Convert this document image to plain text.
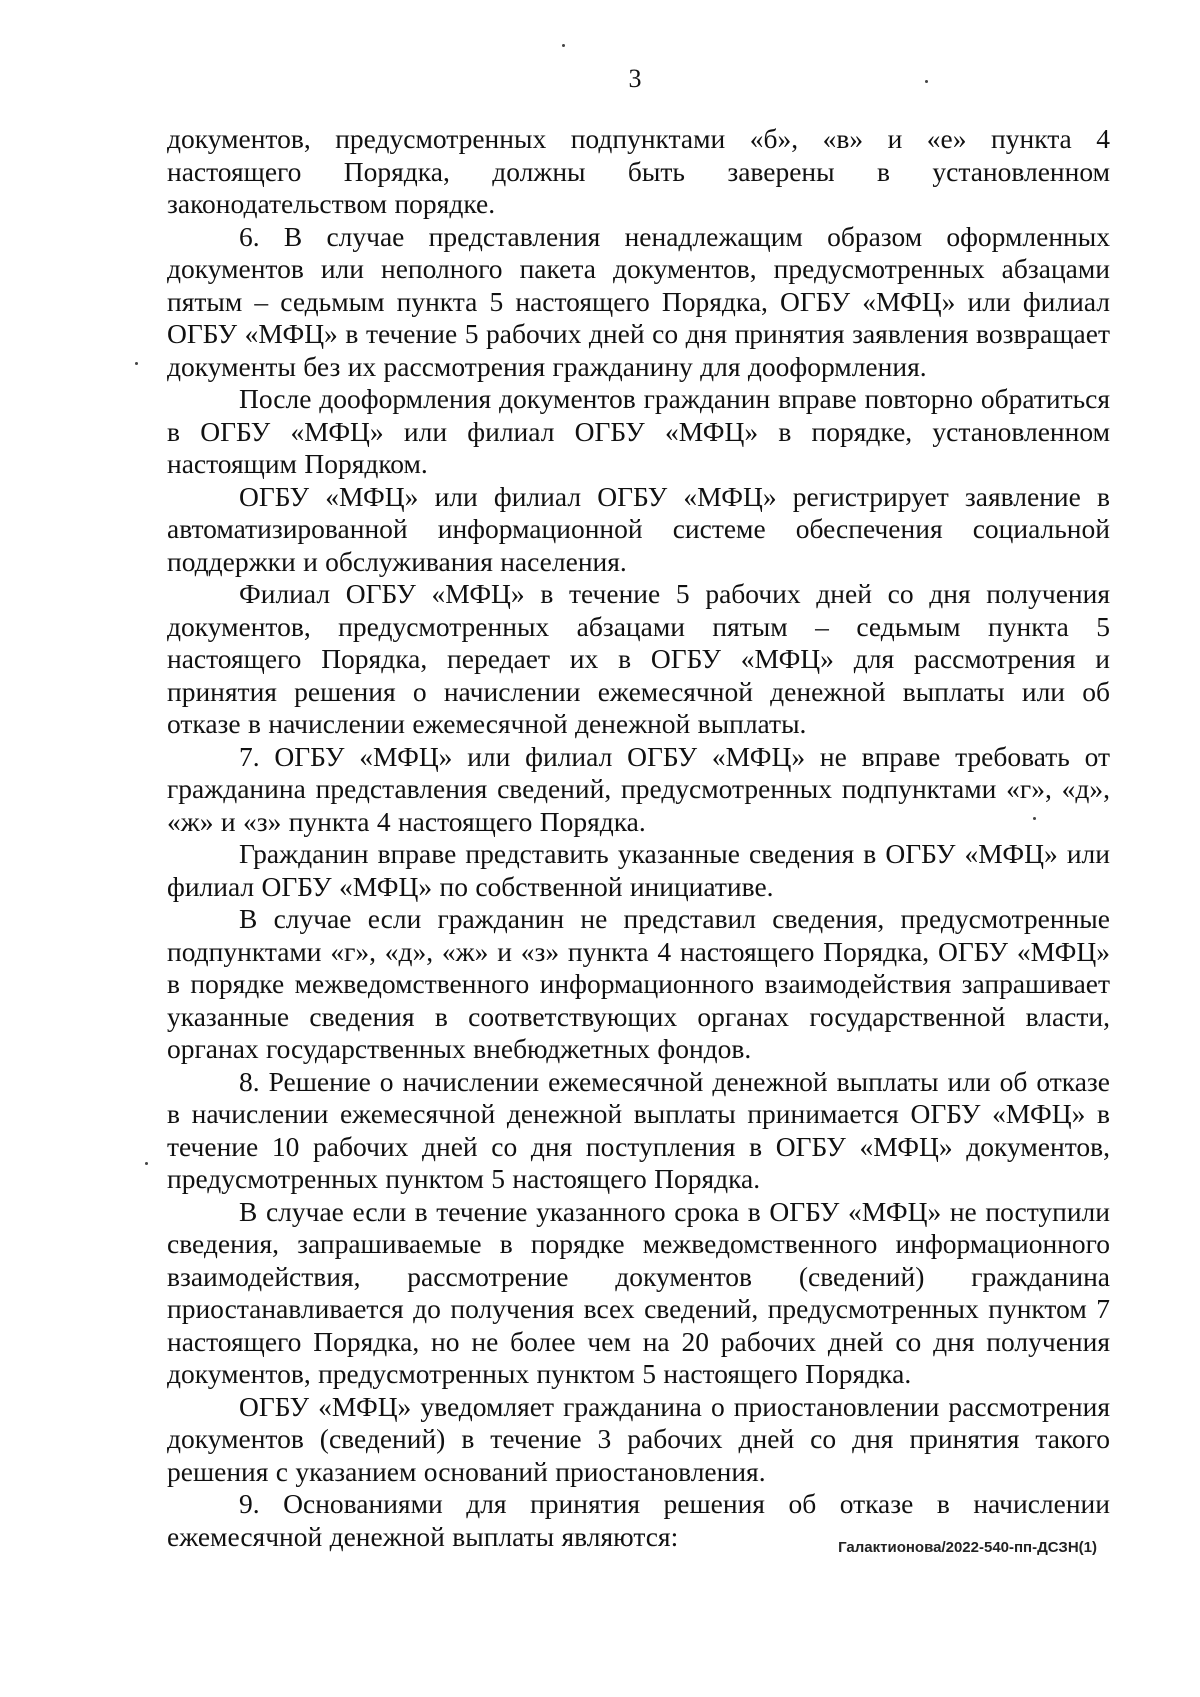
3

документов, предусмотренных подпунктами «б», «в» и «е» пункта 4 настоящего Порядка, должны быть заверены в установленном законодательством порядке.

6. В случае представления ненадлежащим образом оформленных документов или неполного пакета документов, предусмотренных абзацами пятым – седьмым пункта 5 настоящего Порядка, ОГБУ «МФЦ» или филиал ОГБУ «МФЦ» в течение 5 рабочих дней со дня принятия заявления возвращает документы без их рассмотрения гражданину для дооформления.

После дооформления документов гражданин вправе повторно обратиться в ОГБУ «МФЦ» или филиал ОГБУ «МФЦ» в порядке, установленном настоящим Порядком.

ОГБУ «МФЦ» или филиал ОГБУ «МФЦ» регистрирует заявление в автоматизированной информационной системе обеспечения социальной поддержки и обслуживания населения.

Филиал ОГБУ «МФЦ» в течение 5 рабочих дней со дня получения документов, предусмотренных абзацами пятым – седьмым пункта 5 настоящего Порядка, передает их в ОГБУ «МФЦ» для рассмотрения и принятия решения о начислении ежемесячной денежной выплаты или об отказе в начислении ежемесячной денежной выплаты.

7. ОГБУ «МФЦ» или филиал ОГБУ «МФЦ» не вправе требовать от гражданина представления сведений, предусмотренных подпунктами «г», «д», «ж» и «з» пункта 4 настоящего Порядка.

Гражданин вправе представить указанные сведения в ОГБУ «МФЦ» или филиал ОГБУ «МФЦ» по собственной инициативе.

В случае если гражданин не представил сведения, предусмотренные подпунктами «г», «д», «ж» и «з» пункта 4 настоящего Порядка, ОГБУ «МФЦ» в порядке межведомственного информационного взаимодействия запрашивает указанные сведения в соответствующих органах государственной власти, органах государственных внебюджетных фондов.

8. Решение о начислении ежемесячной денежной выплаты или об отказе в начислении ежемесячной денежной выплаты принимается ОГБУ «МФЦ» в течение 10 рабочих дней со дня поступления в ОГБУ «МФЦ» документов, предусмотренных пунктом 5 настоящего Порядка.

В случае если в течение указанного срока в ОГБУ «МФЦ» не поступили сведения, запрашиваемые в порядке межведомственного информационного взаимодействия, рассмотрение документов (сведений) гражданина приостанавливается до получения всех сведений, предусмотренных пунктом 7 настоящего Порядка, но не более чем на 20 рабочих дней со дня получения документов, предусмотренных пунктом 5 настоящего Порядка.

ОГБУ «МФЦ» уведомляет гражданина о приостановлении рассмотрения документов (сведений) в течение 3 рабочих дней со дня принятия такого решения с указанием оснований приостановления.

9. Основаниями для принятия решения об отказе в начислении ежемесячной денежной выплаты являются:	Галактионова/2022-540-пп-ДСЗН(1)
